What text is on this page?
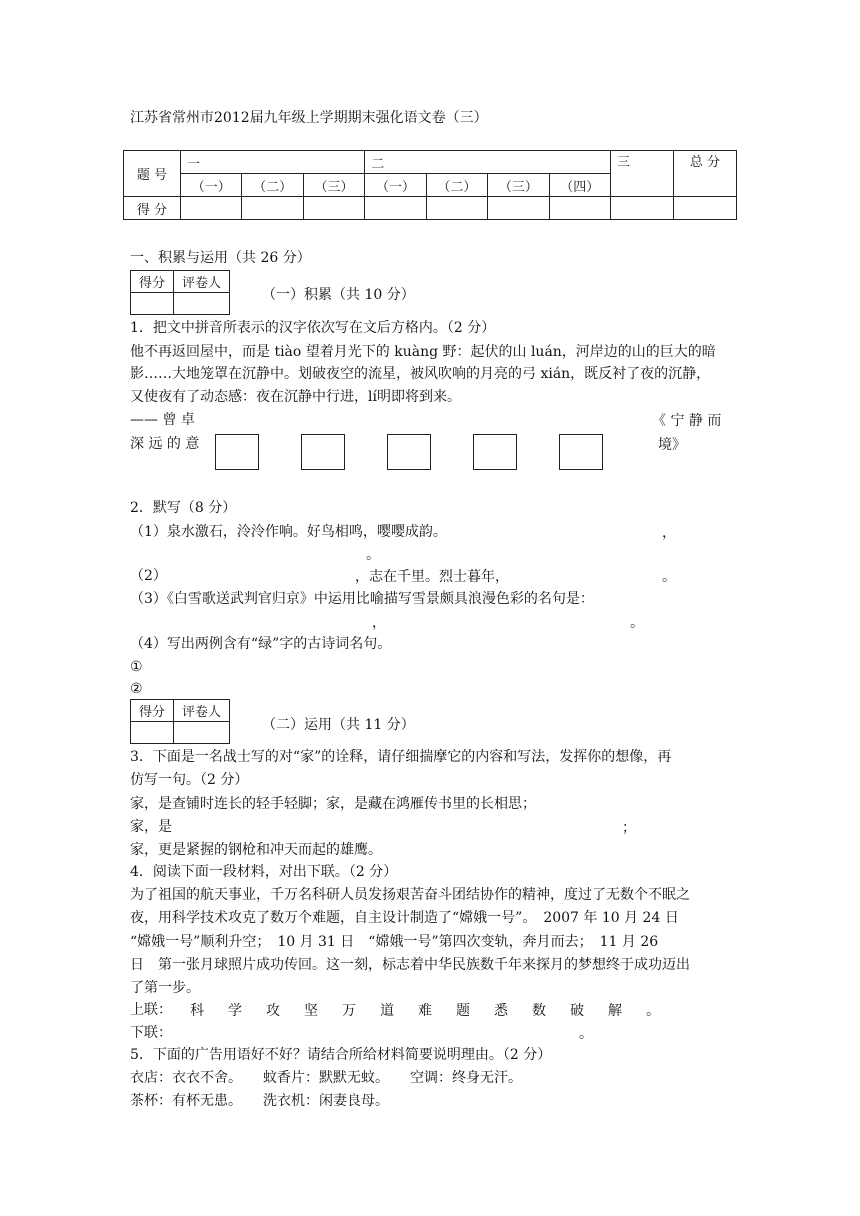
江苏省常州市2012届九年级上学期期末强化语文卷（三）
题 号	一			二				三	总 分
	（一）	（二）	（三）	（一）	（二）	（三）	（四）		
得 分									
一、积累与运用（共 26 分）
得分	评卷人

（一）积累（共 10 分）
1．把文中拼音所表示的汉字依次写在文后方格内。（2 分）
他不再返回屋中，而是 tiào 望着月光下的 kuàng 野：起伏的山 luán，河岸边的山的巨大的暗
影……大地笼罩在沉静中。划破夜空的流星，被风吹响的月亮的弓 xián，既反衬了夜的沉静，
又使夜有了动态感：夜在沉静中行进，lí明即将到来。
—— 曾 卓	《 宁 静 而
深 远 的 意	境》
2．默写（8 分）
（1）泉水激石，泠泠作响。好鸟相鸣，嘤嘤成韵。	，
。
（2）	，志在千里。烈士暮年，	。
（3）《白雪歌送武判官归京》中运用比喻描写雪景颇具浪漫色彩的名句是：
，	。
（4）写出两例含有“绿”字的古诗词名句。
①
②
得分	评卷人

（二）运用（共 11 分）
3．下面是一名战士写的对“家”的诠释，请仔细揣摩它的内容和写法，发挥你的想像，再
仿写一句。（2 分）
家，是查铺时连长的轻手轻脚；家，是藏在鸿雁传书里的长相思；
家，是	；
家，更是紧握的钢枪和冲天而起的雄鹰。
4．阅读下面一段材料，对出下联。（2 分）
为了祖国的航天事业，千万名科研人员发扬艰苦奋斗团结协作的精神，度过了无数个不眠之
夜，用科学技术攻克了数万个难题，自主设计制造了“嫦娥一号”。　2007 年 10 月 24 日
“嫦娥一号”顺利升空；　10 月 31 日　“嫦娥一号”第四次变轨，奔月而去；　11 月 26
日　第一张月球照片成功传回。这一刻，标志着中华民族数千年来探月的梦想终于成功迈出
了第一步。
上联： 科学攻坚 万道难题悉数破解。
下联：	。
5．下面的广告用语好不好？请结合所给材料简要说明理由。（2 分）
衣店：衣衣不舍。　　蚊香片：默默无蚊。　　空调：终身无汗。
茶杯：有杯无患。　　洗衣机：闲妻良母。
